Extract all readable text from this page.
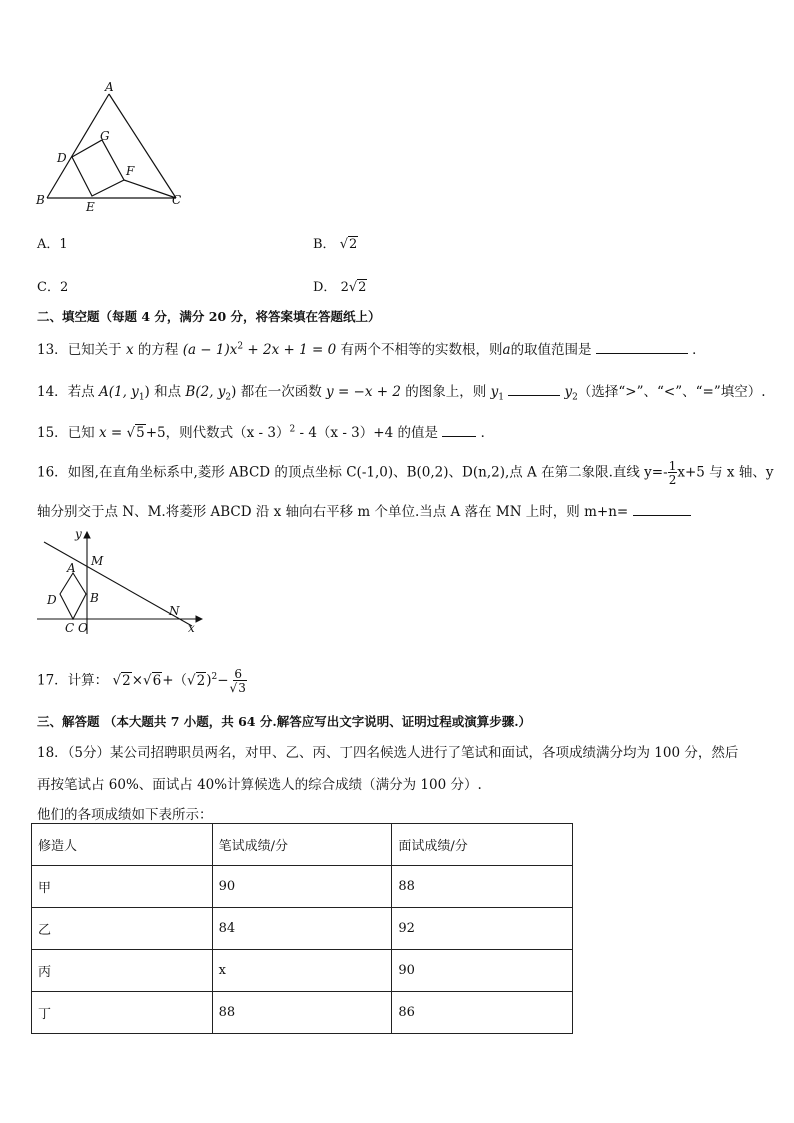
A
G
D
F
B	E	C
A．1	B． √2
C．2	D． 2√2
二、填空题（每题 4 分，满分 20 分，将答案填在答题纸上）
13．已知关于 x 的方程 $(a - 1)x^2 + 2x + 1 = 0$ 有两个不相等的实数根，则a的取值范围是	．
14．若点 A(1, $y_1$) 和点 B(2, $y_2$) 都在一次函数 y = −x + 2 的图象上，则 $y_1$	$y_2$（选择“>”、“<”、“=”填空）.
15．已知 x = √5+5，则代数式（x - 3）$^2$ - 4（x - 3）+4 的值是	．
16．如图,在直角坐标系中,菱形 ABCD 的顶点坐标 C(-1,0)、B(0,2)、D(n,2),点 A 在第二象限.直线 $y=- \frac{1}{2} x+5$ 与 x 轴、y
轴分别交于点 N、M.将菱形 ABCD 沿 x 轴向右平移 m 个单位.当点 A 落在 MN 上时，则 m+n=
y
M
A
D	B
N
C O	x
17．计算： $√2\times√6+(√2)^2- \frac{6}{√3}$
三、解答题 （本大题共 7 小题，共 64 分.解答应写出文字说明、证明过程或演算步骤.）
18．（5分）某公司招聘职员两名，对甲、乙、丙、丁四名候选人进行了笔试和面试，各项成绩满分均为 100 分，然后
再按笔试占 60%、面试占 40%计算候选人的综合成绩（满分为 100 分）.
他们的各项成绩如下表所示：
修造人	笔试成绩/分	面试成绩/分
甲	90	88
乙	84	92
丙	x	90
丁	88	86
